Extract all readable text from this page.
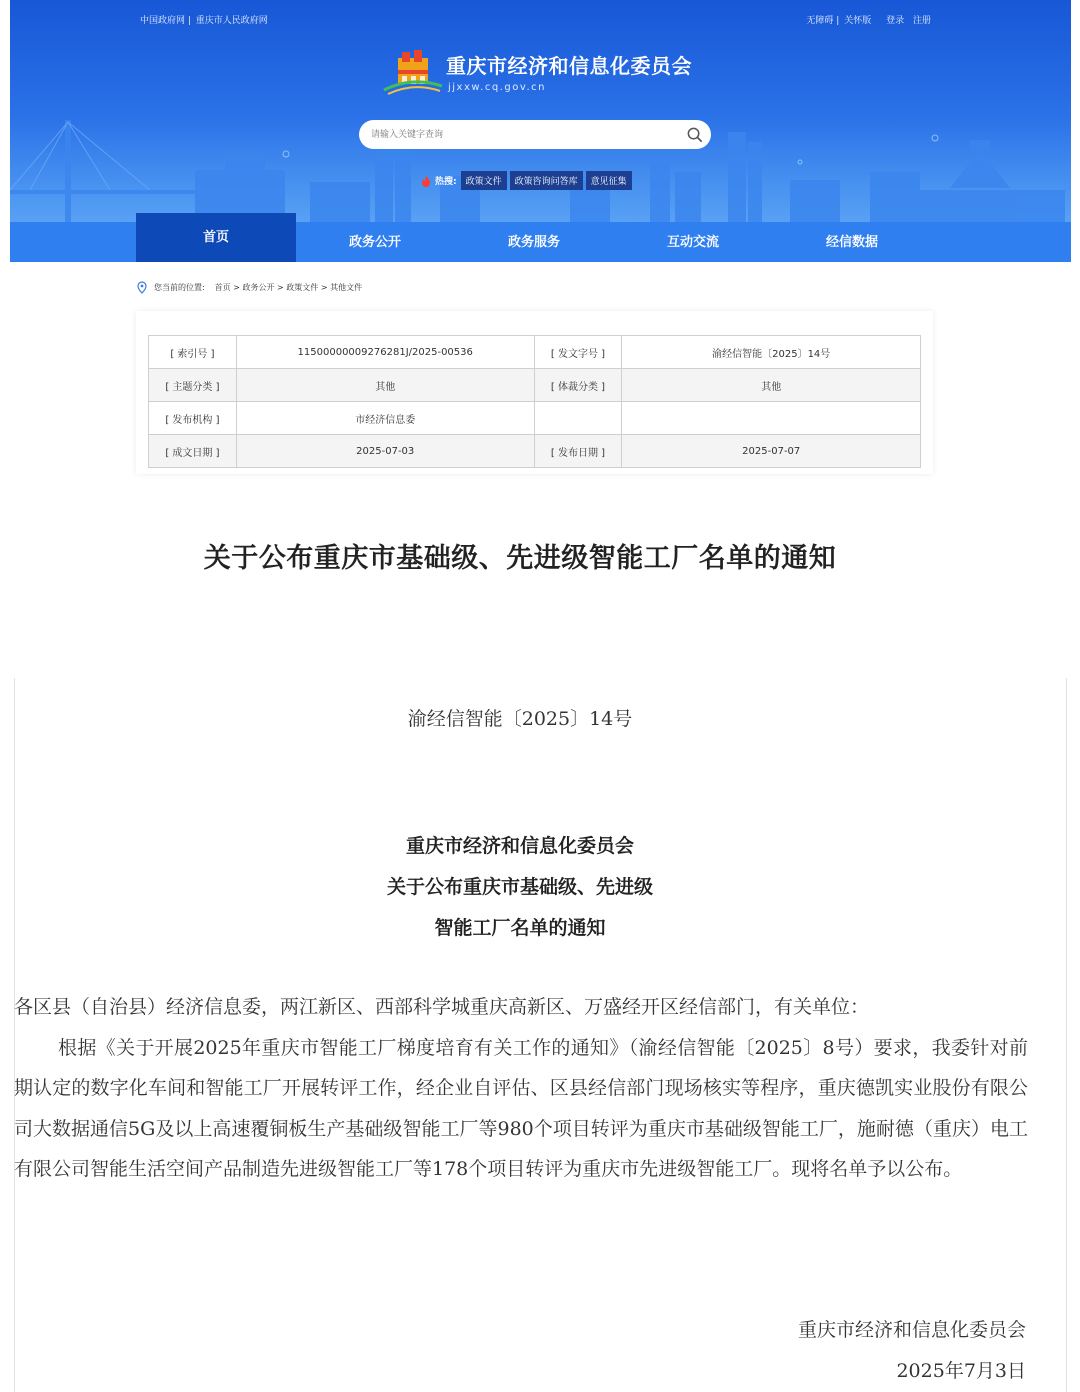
中国政府网 | 重庆市人民政府网	无障碍 | 关怀版 登录 注册
重庆市经济和信息化委员会
jjxxw.cq.gov.cn
请输入关键字查询
热搜:	政策文件	政策咨询问答库	意见征集
首页	政务公开	政务服务	互动交流	经信数据
您当前的位置: 首页 > 政务公开 > 政策文件 > 其他文件
[ 索引号 ]	11500000009276281J/2025-00536	[ 发文字号 ]	渝经信智能〔2025〕14号
[ 主题分类 ]	其他	[ 体裁分类 ]	其他
[ 发布机构 ]	市经济信息委		
[ 成文日期 ]	2025-07-03	[ 发布日期 ]	2025-07-07
关于公布重庆市基础级、先进级智能工厂名单的通知
渝经信智能〔2025〕14号
重庆市经济和信息化委员会
关于公布重庆市基础级、先进级
智能工厂名单的通知

各区县（自治县）经济信息委，两江新区、西部科学城重庆高新区、万盛经开区经信部门，有关单位：

根据《关于开展2025年重庆市智能工厂梯度培育有关工作的通知》（渝经信智能〔2025〕8号）要求，我委针对前期认定的数字化车间和智能工厂开展转评工作，经企业自评估、区县经信部门现场核实等程序，重庆德凯实业股份有限公司大数据通信5G及以上高速覆铜板生产基础级智能工厂等980个项目转评为重庆市基础级智能工厂，施耐德（重庆）电工有限公司智能生活空间产品制造先进级智能工厂等178个项目转评为重庆市先进级智能工厂。现将名单予以公布。

重庆市经济和信息化委员会
2025年7月3日
